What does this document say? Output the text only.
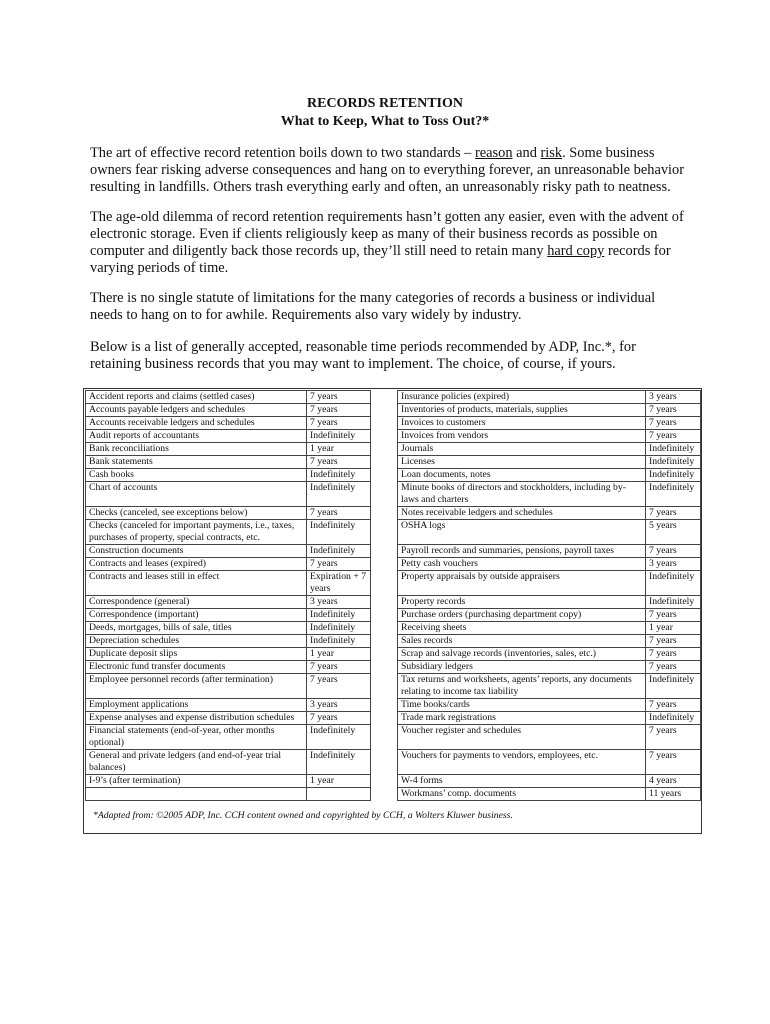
RECORDS RETENTION
What to Keep, What to Toss Out?*

The art of effective record retention boils down to two standards – reason and risk. Some business owners fear risking adverse consequences and hang on to everything forever, an unreasonable behavior resulting in landfills. Others trash everything early and often, an unreasonably risky path to neatness.

The age-old dilemma of record retention requirements hasn’t gotten any easier, even with the advent of electronic storage. Even if clients religiously keep as many of their business records as possible on computer and diligently back those records up, they’ll still need to retain many hard copy records for varying periods of time.

There is no single statute of limitations for the many categories of records a business or individual needs to hang on to for awhile. Requirements also vary widely by industry.

Below is a list of generally accepted, reasonable time periods recommended by ADP, Inc.*, for retaining business records that you may want to implement. The choice, of course, if yours.

Accident reports and claims (settled cases)	7 years		Insurance policies (expired)	3 years
Accounts payable ledgers and schedules	7 years		Inventories of products, materials, supplies	7 years
Accounts receivable ledgers and schedules	7 years		Invoices to customers	7 years
Audit reports of accountants	Indefinitely		Invoices from vendors	7 years
Bank reconciliations	1 year		Journals	Indefinitely
Bank statements	7 years		Licenses	Indefinitely
Cash books	Indefinitely		Loan documents, notes	Indefinitely
Chart of accounts	Indefinitely		Minute books of directors and stockholders, including by-laws and charters	Indefinitely
Checks (canceled, see exceptions below)	7 years		Notes receivable ledgers and schedules	7 years
Checks (canceled for important payments, i.e., taxes, purchases of property, special contracts, etc.	Indefinitely		OSHA logs	5 years
Construction documents	Indefinitely		Payroll records and summaries, pensions, payroll taxes	7 years
Contracts and leases (expired)	7 years		Petty cash vouchers	3 years
Contracts and leases still in effect	Expiration + 7 years		Property appraisals by outside appraisers	Indefinitely
Correspondence (general)	3 years		Property records	Indefinitely
Correspondence (important)	Indefinitely		Purchase orders (purchasing department copy)	7 years
Deeds, mortgages, bills of sale, titles	Indefinitely		Receiving sheets	1 year
Depreciation schedules	Indefinitely		Sales records	7 years
Duplicate deposit slips	1 year		Scrap and salvage records (inventories, sales, etc.)	7 years
Electronic fund transfer documents	7 years		Subsidiary ledgers	7 years
Employee personnel records (after termination)	7 years		Tax returns and worksheets, agents’ reports, any documents relating to income tax liability	Indefinitely
Employment applications	3 years		Time books/cards	7 years
Expense analyses and expense distribution schedules	7 years		Trade mark registrations	Indefinitely
Financial statements (end-of-year, other months optional)	Indefinitely		Voucher register and schedules	7 years
General and private ledgers (and end-of-year trial balances)	Indefinitely		Vouchers for payments to vendors, employees, etc.	7 years
I-9’s (after termination)	1 year		W-4 forms	4 years
			Workmans’ comp. documents	11 years
*Adapted from: ©2005 ADP, Inc. CCH content owned and copyrighted by CCH, a Wolters Kluwer business.
